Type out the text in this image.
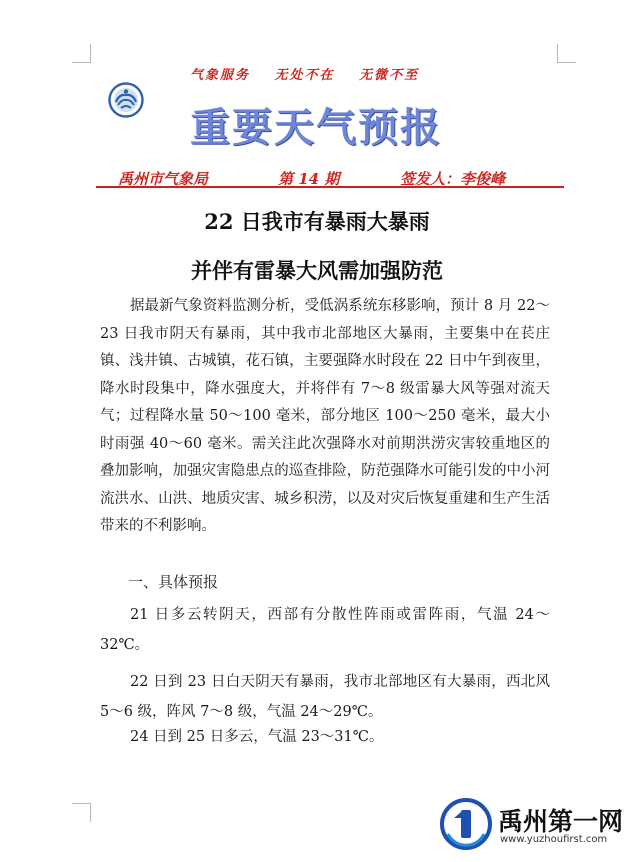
气象服务 无处不在 无微不至
重要天气预报
禹州市气象局	第 14 期	签发人：李俊峰
22 日我市有暴雨大暴雨
并伴有雷暴大风需加强防范
据最新气象资料监测分析，受低涡系统东移影响，预计 8 月 22～23 日我市阴天有暴雨，其中我市北部地区大暴雨，主要集中在苌庄镇、浅井镇、古城镇，花石镇，主要强降水时段在 22 日中午到夜里，降水时段集中，降水强度大，并将伴有 7～8 级雷暴大风等强对流天气；过程降水量 50～100 毫米，部分地区 100～250 毫米，最大小时雨强 40～60 毫米。需关注此次强降水对前期洪涝灾害较重地区的叠加影响，加强灾害隐患点的巡查排险，防范强降水可能引发的中小河流洪水、山洪、地质灾害、城乡积涝，以及对灾后恢复重建和生产生活带来的不利影响。
一、具体预报
21 日多云转阴天，西部有分散性阵雨或雷阵雨，气温 24～32℃。
22 日到 23 日白天阴天有暴雨，我市北部地区有大暴雨，西北风 5～6 级，阵风 7～8 级，气温 24～29℃。
24 日到 25 日多云，气温 23～31℃。
禹州第一网
www.yuzhoufirst.com
